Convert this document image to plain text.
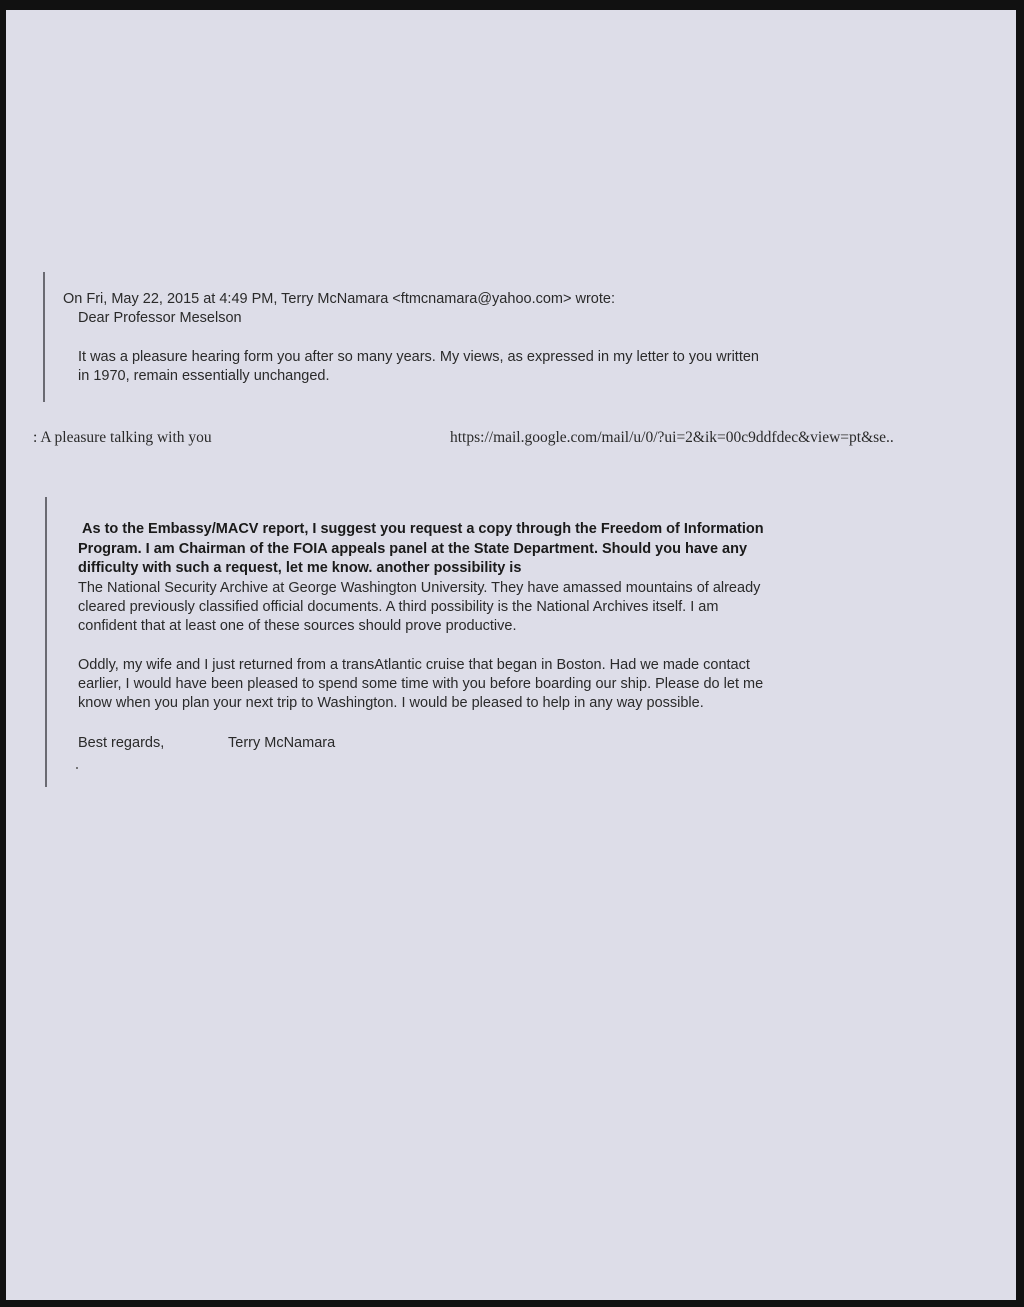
On Fri, May 22, 2015 at 4:49 PM, Terry McNamara <ftmcnamara@yahoo.com> wrote:
Dear Professor Meselson
It was a pleasure hearing form you after so many years. My views, as expressed in my letter to you written
in 1970, remain essentially unchanged.
: A pleasure talking with you	https://mail.google.com/mail/u/0/?ui=2&ik=00c9ddfdec&view=pt&se..
As to the Embassy/MACV report, I suggest you request a copy through the Freedom of Information
Program. I am Chairman of the FOIA appeals panel at the State Department. Should you have any
difficulty with such a request, let me know. another possibility is
The National Security Archive at George Washington University. They have amassed mountains of already
cleared previously classified official documents. A third possibility is the National Archives itself. I am
confident that at least one of these sources should prove productive.
Oddly, my wife and I just returned from a transAtlantic cruise that began in Boston. Had we made contact
earlier, I would have been pleased to spend some time with you before boarding our ship. Please do let me
know when you plan your next trip to Washington. I would be pleased to help in any way possible.
Best regards,	Terry McNamara
